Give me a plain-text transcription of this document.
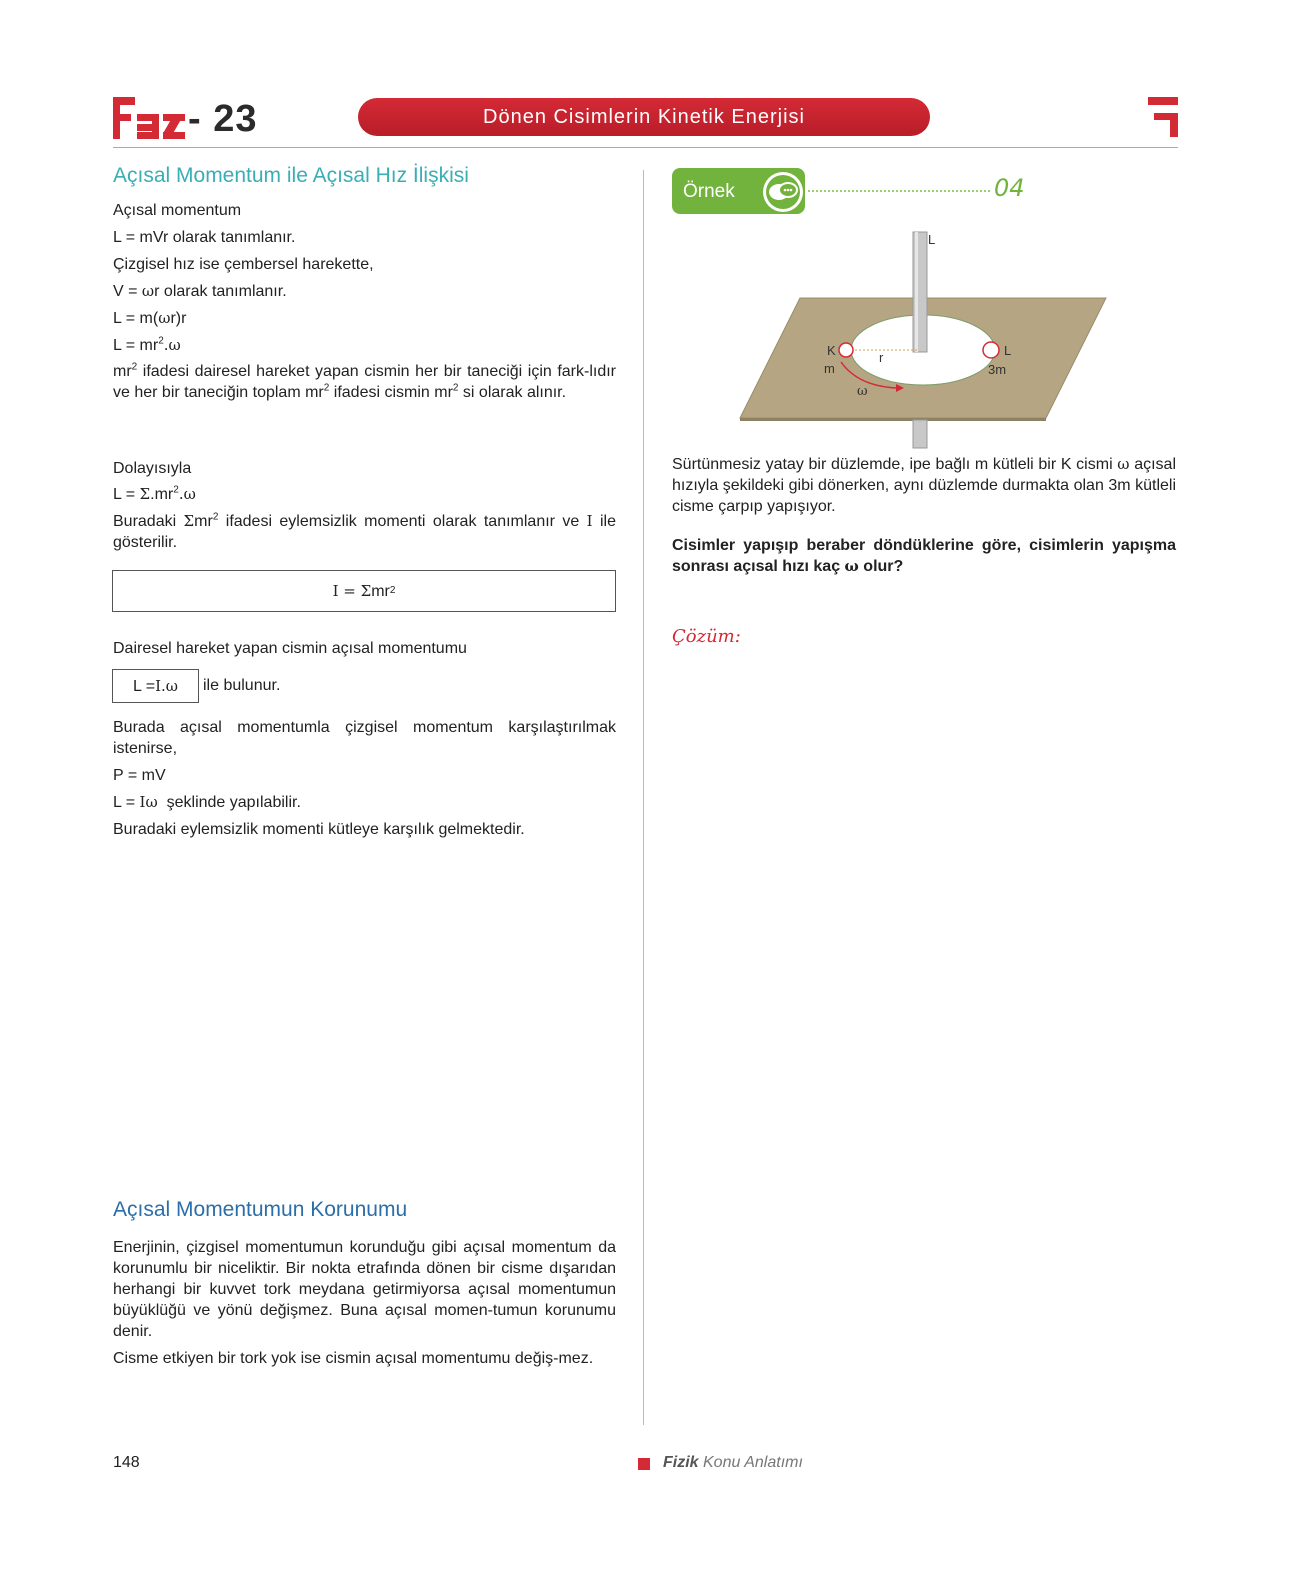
- 23	Dönen Cisimlerin Kinetik Enerjisi
Açısal Momentum ile Açısal Hız İlişkisi
Açısal momentum
L = mVr olarak tanımlanır.
Çizgisel hız ise çembersel harekette,
V = ωr olarak tanımlanır.
L = m(ωr)r
$L = mr^2.\omega$
$mr^2$ ifadesi dairesel hareket yapan cismin her bir taneciği için fark-lıdır ve her bir taneciğin toplam $mr^2$ ifadesi cismin $mr^2$ si olarak alınır.
Dolayısıyla
$L = \Sigma.mr^2.\omega$
Buradaki Σmr$^2$ ifadesi eylemsizlik momenti olarak tanımlanır ve I ile gösterilir.
I = Σ mr 2
Dairesel hareket yapan cismin açısal momentumu
L = I.ω ile bulunur.
Burada açısal momentumla çizgisel momentum karşılaştırılmak istenirse,
P = mV
L = Iω  şeklinde yapılabilir.
Buradaki eylemsizlik momenti kütleye karşılık gelmektedir.
Açısal Momentumun Korunumu
Enerjinin, çizgisel momentumun korunduğu gibi açısal momentum da korunumlu bir niceliktir. Bir nokta etrafında dönen bir cisme dışarıdan herhangi bir kuvvet tork meydana getirmiyorsa açısal momentumun büyüklüğü ve yönü değişmez. Buna açısal momen-tumun korunumu denir.
Cisme etkiyen bir tork yok ise cismin açısal momentumu değiş-mez.
Örnek	04
L
K
m
r	L
3m
ω
Sürtünmesiz yatay bir düzlemde, ipe bağlı m kütleli bir K cismi ω açısal hızıyla şekildeki gibi dönerken, aynı düzlemde durmakta olan 3m kütleli cisme çarpıp yapışıyor.
Cisimler yapışıp beraber döndüklerine göre, cisimlerin yapışma sonrası açısal hızı kaç ω olur?
Çözüm:
148	Fizik Konu Anlatımı
